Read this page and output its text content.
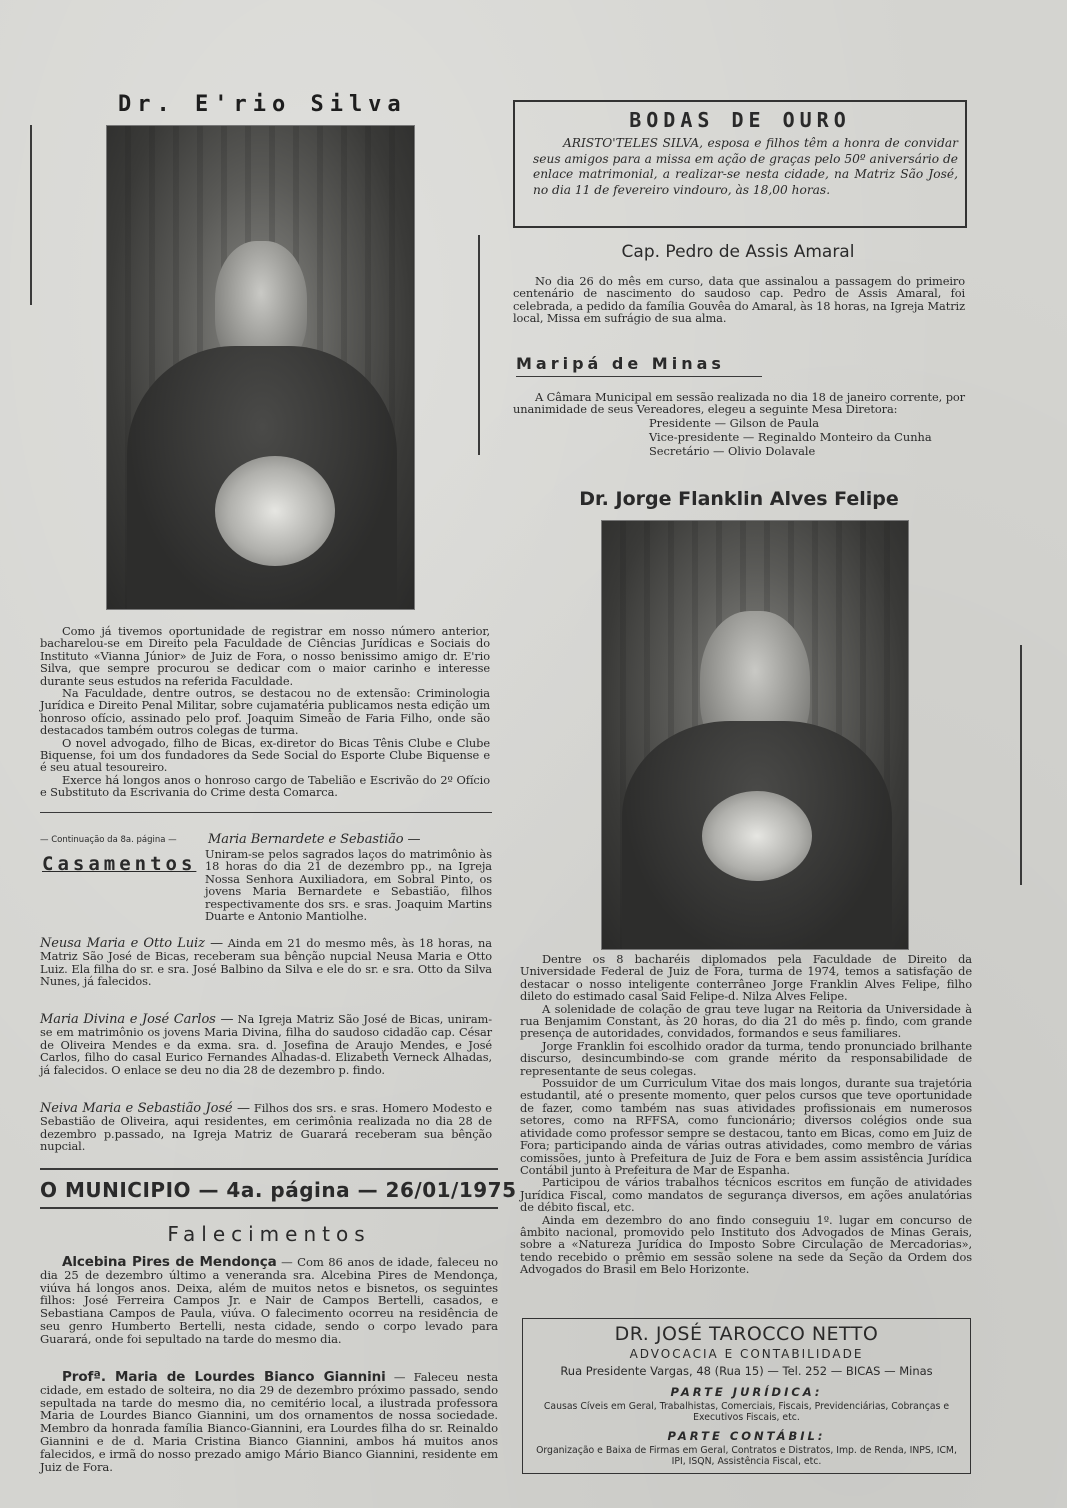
Dr. E'rio Silva

Como já tivemos oportunidade de registrar em nosso número anterior, bacharelou-se em Direito pela Faculdade de Ciências Jurídicas e Sociais do Instituto «Vianna Júnior» de Juiz de Fora, o nosso benissimo amigo dr. E'rio Silva, que sempre procurou se dedicar com o maior carinho e interesse durante seus estudos na referida Faculdade.

Na Faculdade, dentre outros, se destacou no de extensão: Criminologia Jurídica e Direito Penal Militar, sobre cujamatéria publicamos nesta edição um honroso ofício, assinado pelo prof. Joaquim Simeão de Faria Filho, onde são destacados também outros colegas de turma.

O novel advogado, filho de Bicas, ex-diretor do Bicas Tênis Clube e Clube Biquense, foi um dos fundadores da Sede Social do Esporte Clube Biquense e é seu atual tesoureiro.

Exerce há longos anos o honroso cargo de Tabelião e Escrivão do 2º Ofício e Substituto da Escrivania do Crime desta Comarca.

— Continuação da 8a. página —
Casamentos

Maria Bernardete e Sebastião —

Uniram-se pelos sagrados laços do matrimônio às 18 horas do dia 21 de dezembro pp., na Igreja Nossa Senhora Auxiliadora, em Sobral Pinto, os jovens Maria Bernardete e Sebastião, filhos respectivamente dos srs. e sras. Joaquim Martins Duarte e Antonio Mantiolhe.

Neusa Maria e Otto Luiz — Ainda em 21 do mesmo mês, às 18 horas, na Matriz São José de Bicas, receberam sua bênção nupcial Neusa Maria e Otto Luiz. Ela filha do sr. e sra. José Balbino da Silva e ele do sr. e sra. Otto da Silva Nunes, já falecidos.

Maria Divina e José Carlos — Na Igreja Matriz São José de Bicas, uniram-se em matrimônio os jovens Maria Divina, filha do saudoso cidadão cap. César de Oliveira Mendes e da exma. sra. d. Josefina de Araujo Mendes, e José Carlos, filho do casal Eurico Fernandes Alhadas-d. Elizabeth Verneck Alhadas, já falecidos. O enlace se deu no dia 28 de dezembro p. findo.

Neiva Maria e Sebastião José — Filhos dos srs. e sras. Homero Modesto e Sebastião de Oliveira, aqui residentes, em cerimônia realizada no dia 28 de dezembro p.passado, na Igreja Matriz de Guarará receberam sua bênção nupcial.

O MUNICIPIO — 4a. página — 26/01/1975
Falecimentos

Alcebina Pires de Mendonça — Com 86 anos de idade, faleceu no dia 25 de dezembro último a veneranda sra. Alcebina Pires de Mendonça, viúva há longos anos. Deixa, além de muitos netos e bisnetos, os seguintes filhos: José Ferreira Campos Jr. e Nair de Campos Bertelli, casados, e Sebastiana Campos de Paula, viúva. O falecimento ocorreu na residência de seu genro Humberto Bertelli, nesta cidade, sendo o corpo levado para Guarará, onde foi sepultado na tarde do mesmo dia.

Profª. Maria de Lourdes Bianco Giannini — Faleceu nesta cidade, em estado de solteira, no dia 29 de dezembro próximo passado, sendo sepultada na tarde do mesmo dia, no cemitério local, a ilustrada professora Maria de Lourdes Bianco Giannini, um dos ornamentos de nossa sociedade. Membro da honrada família Bianco-Giannini, era Lourdes filha do sr. Reinaldo Giannini e de d. Maria Cristina Bianco Giannini, ambos há muitos anos falecidos, e irmã do nosso prezado amigo Mário Bianco Giannini, residente em Juiz de Fora.

BODAS DE OURO
ARISTO'TELES SILVA, esposa e filhos têm a honra de convidar seus amigos para a missa em ação de graças pelo 50º aniversário de enlace matrimonial, a realizar-se nesta cidade, na Matriz São José, no dia 11 de fevereiro vindouro, às 18,00 horas.
Cap. Pedro de Assis Amaral

No dia 26 do mês em curso, data que assinalou a passagem do primeiro centenário de nascimento do saudoso cap. Pedro de Assis Amaral, foi celebrada, a pedido da família Gouvêa do Amaral, às 18 horas, na Igreja Matriz local, Missa em sufrágio de sua alma.

Maripá de Minas

A Câmara Municipal em sessão realizada no dia 18 de janeiro corrente, por unanimidade de seus Vereadores, elegeu a seguinte Mesa Diretora:

Presidente — Gilson de Paula

Vice-presidente — Reginaldo Monteiro da Cunha

Secretário — Olivio Dolavale

Dr. Jorge Flanklin Alves Felipe

Dentre os 8 bacharéis diplomados pela Faculdade de Direito da Universidade Federal de Juiz de Fora, turma de 1974, temos a satisfação de destacar o nosso inteligente conterrâneo Jorge Franklin Alves Felipe, filho dileto do estimado casal Said Felipe-d. Nilza Alves Felipe.

A solenidade de colação de grau teve lugar na Reitoria da Universidade à rua Benjamim Constant, às 20 horas, do dia 21 do mês p. findo, com grande presença de autoridades, convidados, formandos e seus familiares.

Jorge Franklin foi escolhido orador da turma, tendo pronunciado brilhante discurso, desincumbindo-se com grande mérito da responsabilidade de representante de seus colegas.

Possuidor de um Curriculum Vitae dos mais longos, durante sua trajetória estudantil, até o presente momento, quer pelos cursos que teve oportunidade de fazer, como também nas suas atividades profissionais em numerosos setores, como na RFFSA, como funcionário; diversos colégios onde sua atividade como professor sempre se destacou, tanto em Bicas, como em Juiz de Fora; participando ainda de várias outras atividades, como membro de várias comissões, junto à Prefeitura de Juiz de Fora e bem assim assistência Jurídica Contábil junto à Prefeitura de Mar de Espanha.

Participou de vários trabalhos técnicos escritos em função de atividades Jurídica Fiscal, como mandatos de segurança diversos, em ações anulatórias de débito fiscal, etc.

Ainda em dezembro do ano findo conseguiu 1º. lugar em concurso de âmbito nacional, promovido pelo Instituto dos Advogados de Minas Gerais, sobre a «Natureza Jurídica do Imposto Sobre Circulação de Mercadorias», tendo recebido o prêmio em sessão solene na sede da Seção da Ordem dos Advogados do Brasil em Belo Horizonte.

DR. JOSÉ TAROCCO NETTO
ADVOCACIA E CONTABILIDADE
Rua Presidente Vargas, 48 (Rua 15) — Tel. 252 — BICAS — Minas
PARTE JURÍDICA:
Causas Cíveis em Geral, Trabalhistas, Comerciais, Fiscais, Previdenciárias, Cobranças e Executivos Fiscais, etc.
PARTE CONTÁBIL:
Organização e Baixa de Firmas em Geral, Contratos e Distratos, Imp. de Renda, INPS, ICM, IPI, ISQN, Assistência Fiscal, etc.
